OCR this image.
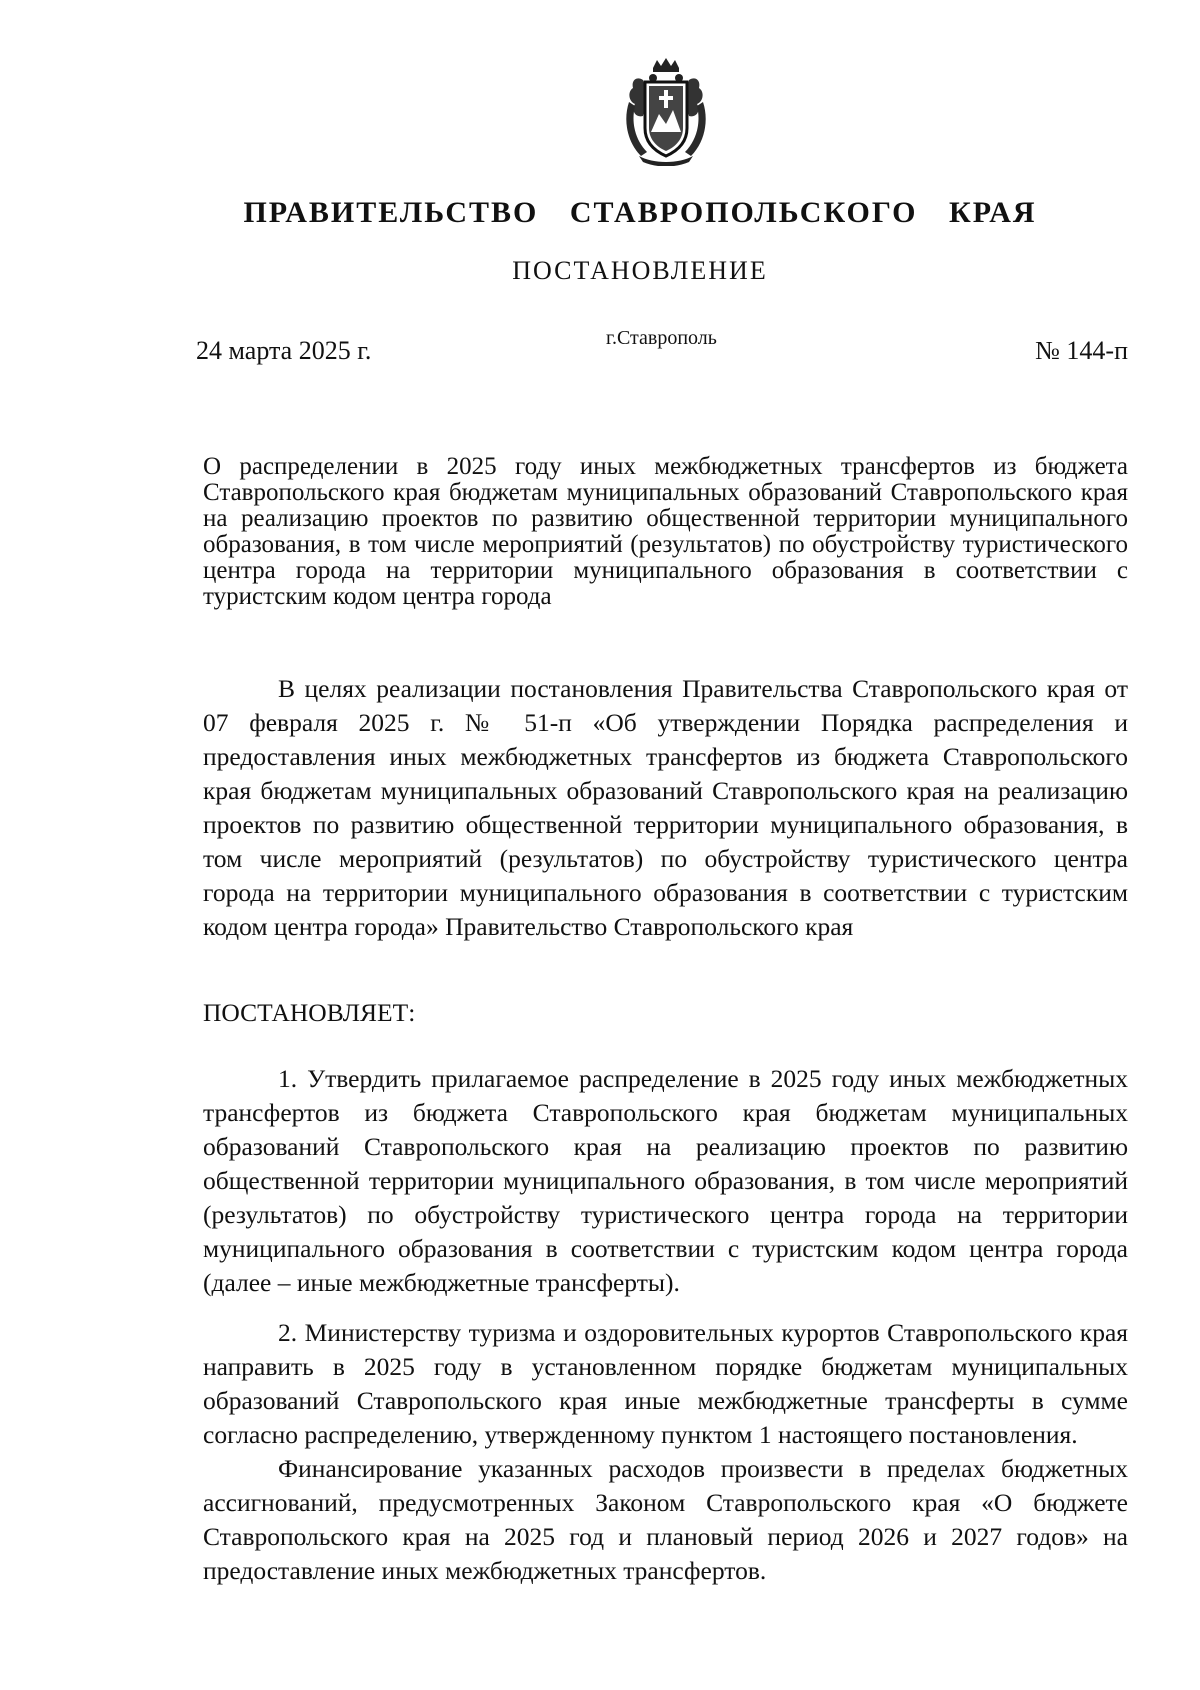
ПРАВИТЕЛЬСТВО СТАВРОПОЛЬСКОГО КРАЯ
ПОСТАНОВЛЕНИЕ
24 марта 2025 г.	г.Ставрополь	№ 144-п
О распределении в 2025 году иных межбюджетных трансфертов из бюджета Ставропольского края бюджетам муниципальных образований Ставропольского края на реализацию проектов по развитию общественной территории муниципального образования, в том числе мероприятий (результатов) по обустройству туристического центра города на территории муниципального образования в соответствии с туристским кодом центра города

В целях реализации постановления Правительства Ставропольского края от 07 февраля 2025 г. № 51-п «Об утверждении Порядка распределения и предоставления иных межбюджетных трансфертов из бюджета Ставропольского края бюджетам муниципальных образований Ставропольского края на реализацию проектов по развитию общественной территории муниципального образования, в том числе мероприятий (результатов) по обустройству туристического центра города на территории муниципального образования в соответствии с туристским кодом центра города» Правительство Ставропольского края

ПОСТАНОВЛЯЕТ:

1. Утвердить прилагаемое распределение в 2025 году иных межбюджетных трансфертов из бюджета Ставропольского края бюджетам муниципальных образований Ставропольского края на реализацию проектов по развитию общественной территории муниципального образования, в том числе мероприятий (результатов) по обустройству туристического центра города на территории муниципального образования в соответствии с туристским кодом центра города (далее – иные межбюджетные трансферты).

2. Министерству туризма и оздоровительных курортов Ставропольского края направить в 2025 году в установленном порядке бюджетам муниципальных образований Ставропольского края иные межбюджетные трансферты в сумме согласно распределению, утвержденному пунктом 1 настоящего постановления.

Финансирование указанных расходов произвести в пределах бюджетных ассигнований, предусмотренных Законом Ставропольского края «О бюджете Ставропольского края на 2025 год и плановый период 2026 и 2027 годов» на предоставление иных межбюджетных трансфертов.
